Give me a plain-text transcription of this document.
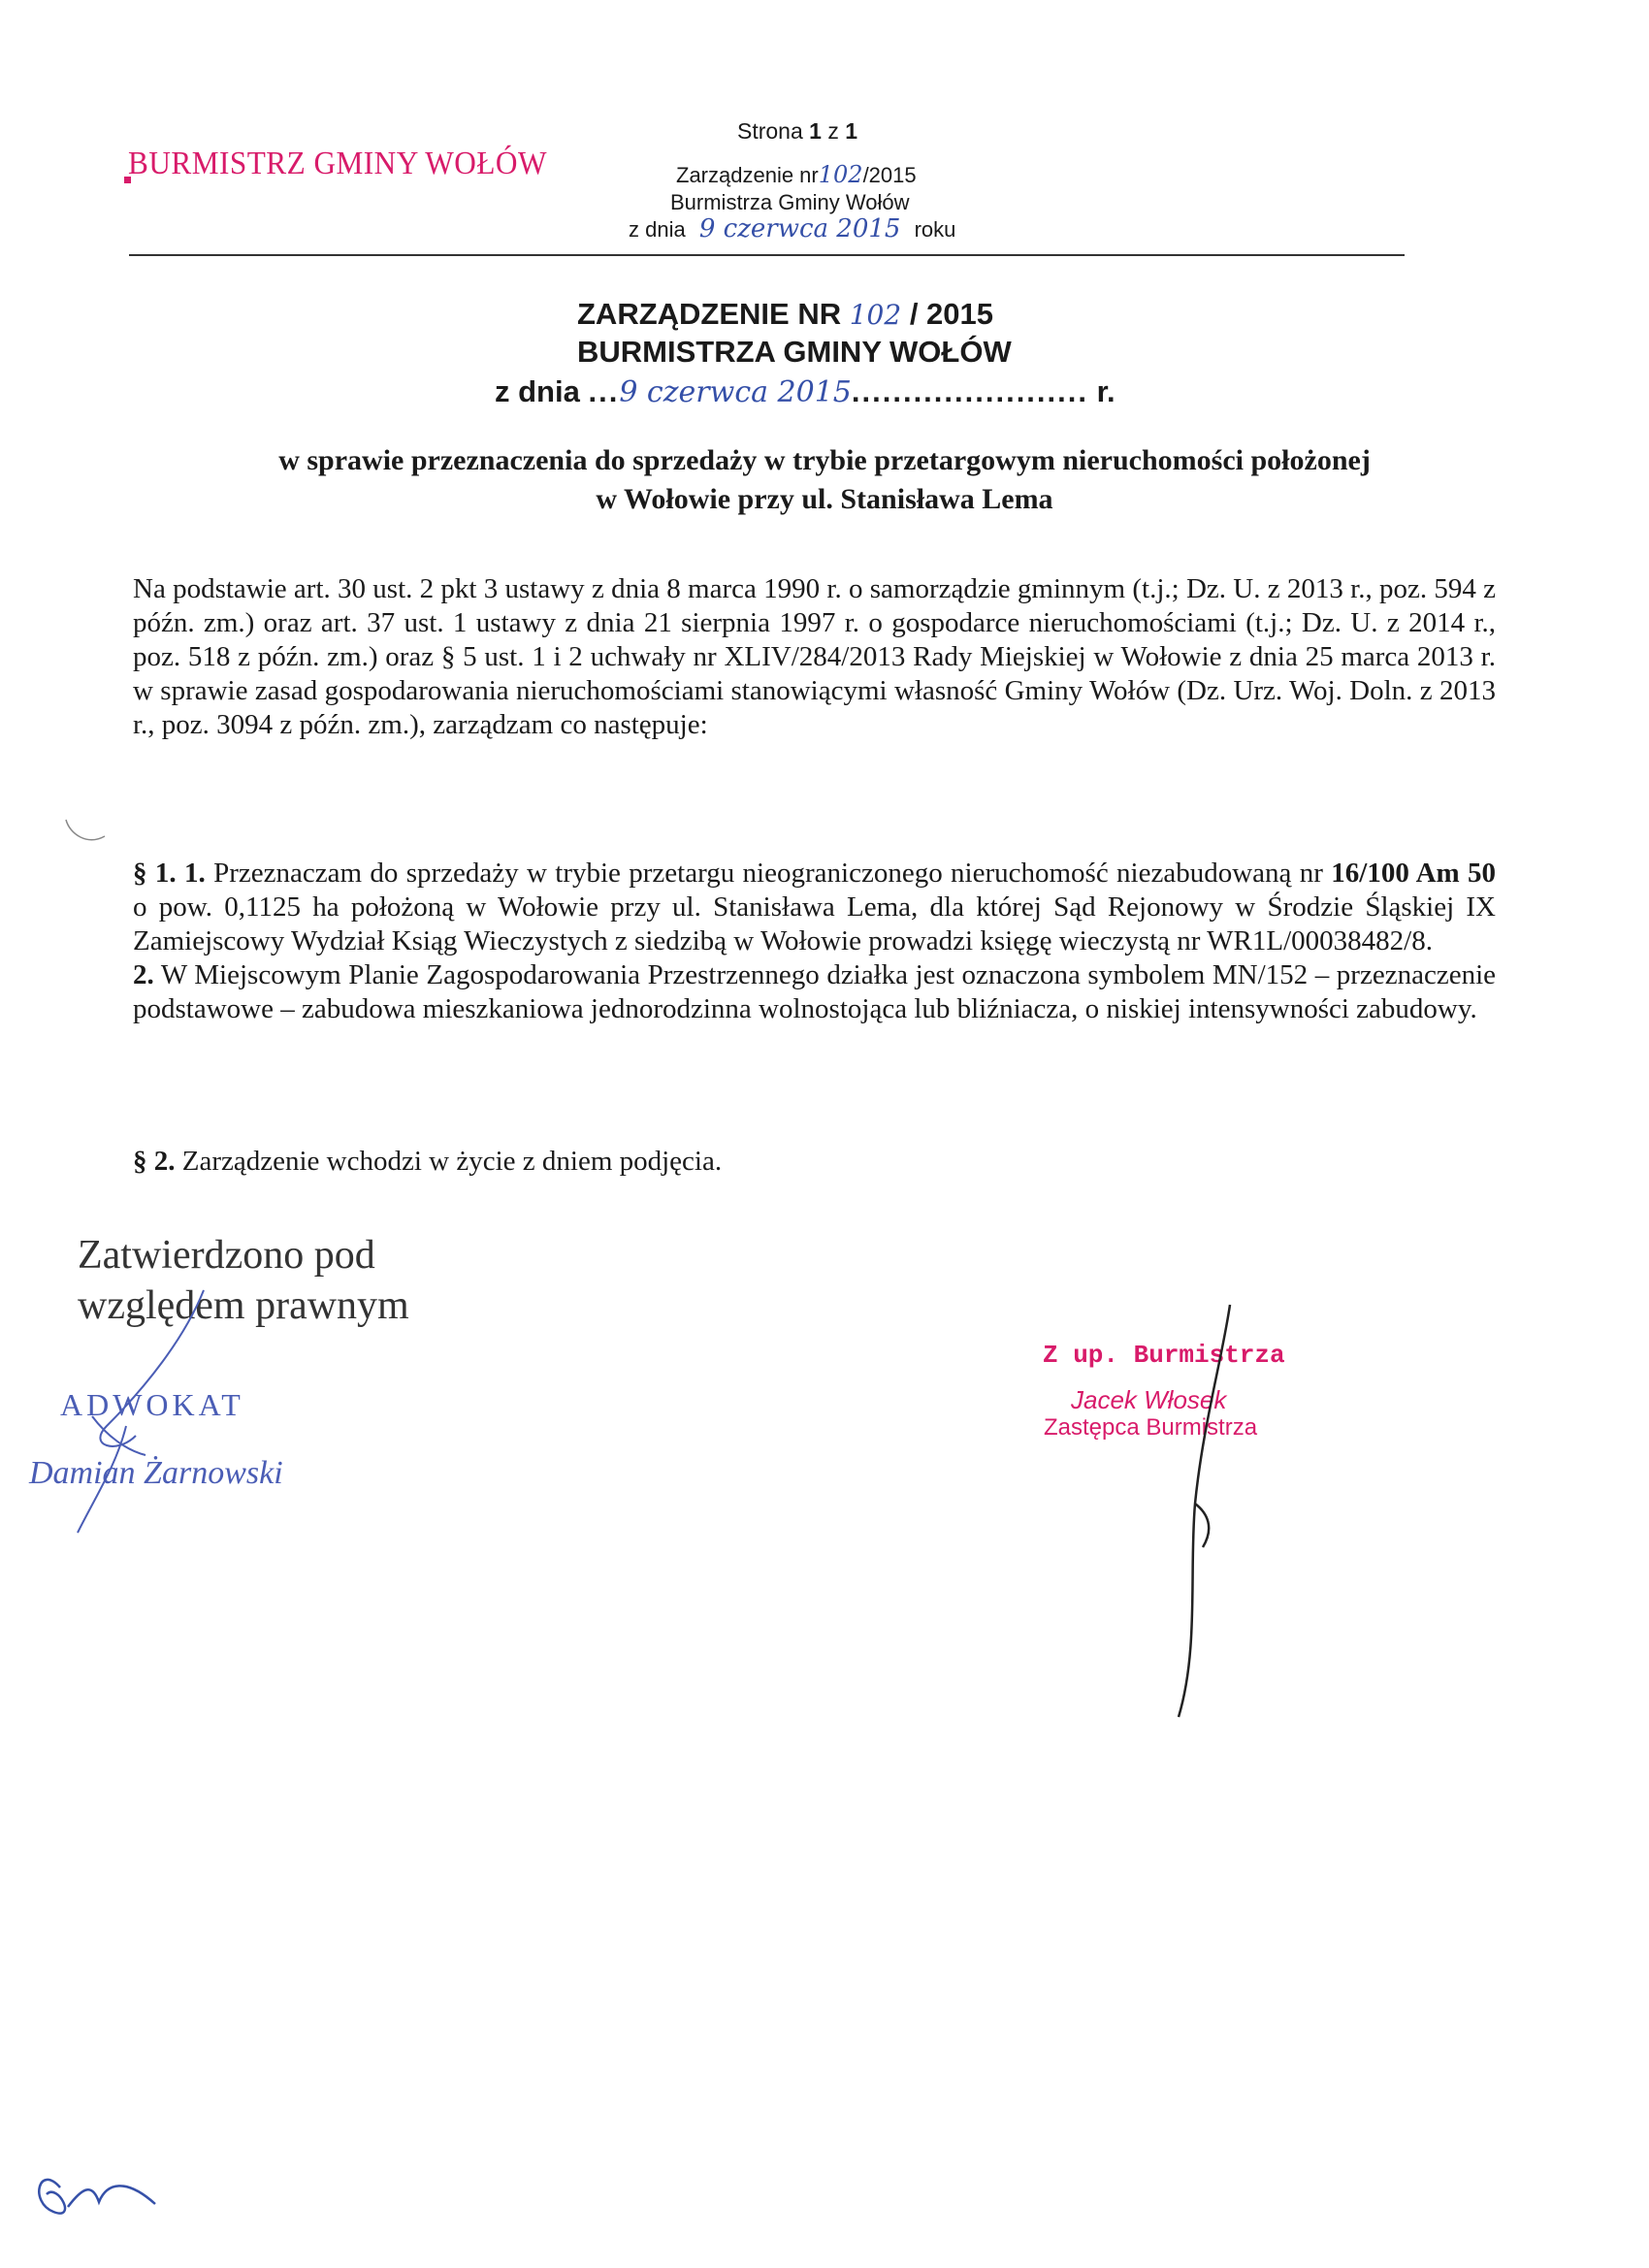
BURMISTRZ GMINY WOŁÓW
Strona 1 z 1
Zarządzenie nr102/2015
Burmistrza Gminy Wołów
z dnia 9 czerwca 2015 roku
ZARZĄDZENIE NR 102 / 2015
BURMISTRZA GMINY WOŁÓW
z dnia ...9 czerwca 2015....................... r.
w sprawie przeznaczenia do sprzedaży w trybie przetargowym nieruchomości położonej
w Wołowie przy ul. Stanisława Lema
Na podstawie art. 30 ust. 2 pkt 3 ustawy z dnia 8 marca 1990 r. o samorządzie gminnym (t.j.; Dz. U. z 2013 r., poz. 594 z późn. zm.) oraz art. 37 ust. 1 ustawy z dnia 21 sierpnia 1997 r. o gospodarce nieruchomościami (t.j.; Dz. U. z 2014 r., poz. 518 z późn. zm.) oraz § 5 ust. 1 i 2 uchwały nr XLIV/284/2013 Rady Miejskiej w Wołowie z dnia 25 marca 2013 r. w sprawie zasad gospodarowania nieruchomościami stanowiącymi własność Gminy Wołów (Dz. Urz. Woj. Doln. z 2013 r., poz. 3094 z późn. zm.), zarządzam co następuje:
§ 1. 1. Przeznaczam do sprzedaży w trybie przetargu nieograniczonego nieruchomość niezabudowaną nr 16/100 Am 50 o pow. 0,1125 ha położoną w Wołowie przy ul. Stanisława Lema, dla której Sąd Rejonowy w Środzie Śląskiej IX Zamiejscowy Wydział Ksiąg Wieczystych z siedzibą w Wołowie prowadzi księgę wieczystą nr WR1L/00038482/8.
2. W Miejscowym Planie Zagospodarowania Przestrzennego działka jest oznaczona symbolem MN/152 – przeznaczenie podstawowe – zabudowa mieszkaniowa jednorodzinna wolnostojąca lub bliźniacza, o niskiej intensywności zabudowy.
§ 2. Zarządzenie wchodzi w życie z dniem podjęcia.
Zatwierdzono pod
względem prawnym
ADWOKAT
Damian Żarnowski
Z up. Burmistrza
Jacek Włosek
Zastępca Burmistrza
